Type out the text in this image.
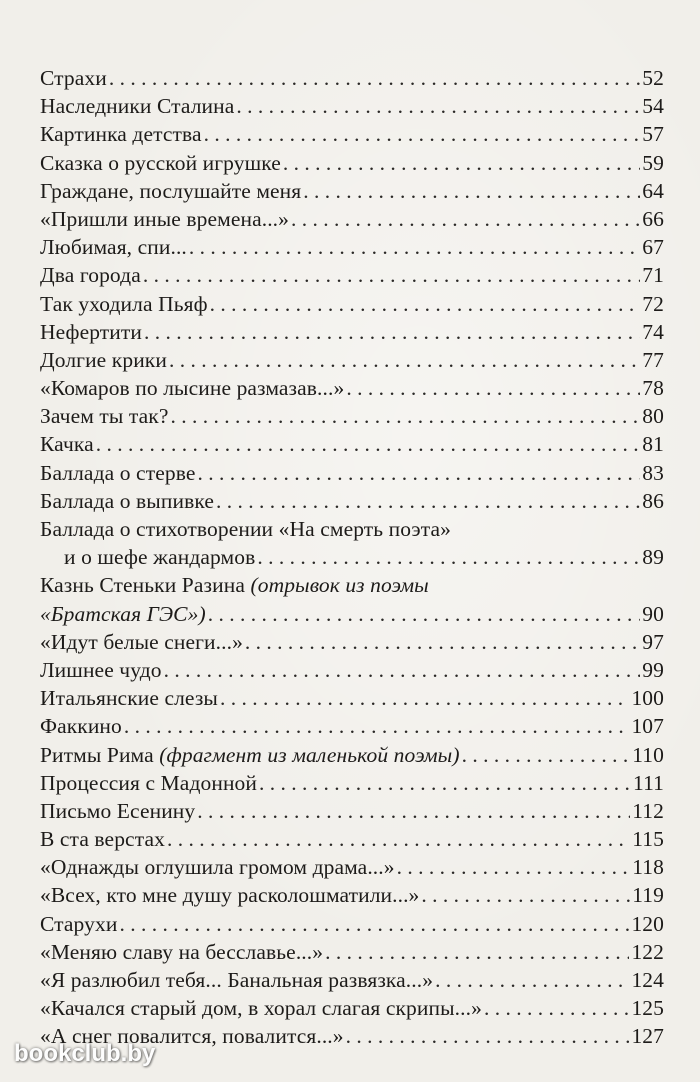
Страхи . . .	52
Наследники Сталина . . .	54
Картинка детства . . .	57
Сказка о русской игрушке . . .	59
Граждане, послушайте меня . . .	64
«Пришли иные времена...» . . .	66
Любимая, спи... . . .	67
Два города . . .	71
Так уходила Пьяф . . .	72
Нефертити . . .	74
Долгие крики . . .	77
«Комаров по лысине размазав...» . . .	78
Зачем ты так? . . .	80
Качка . . .	81
Баллада о стерве . . .	83
Баллада о выпивке . . .	86
Баллада о стихотворении «На смерть поэта»
и о шефе жандармов . . .	89
Казнь Стеньки Разина (отрывок из поэмы
«Братская ГЭС») . . .	90
«Идут белые снеги...» . . .	97
Лишнее чудо . . .	99
Итальянские слезы . . .	100
Факкино . . .	107
Ритмы Рима (фрагмент из маленькой поэмы) . . .	110
Процессия с Мадонной . . .	111
Письмо Есенину . . .	112
В ста верстах . . .	115
«Однажды оглушила громом драма...» . . .	118
«Всех, кто мне душу расколошматили...» . . .	119
Старухи . . .	120
«Меняю славу на бесславье...» . . .	122
«Я разлюбил тебя... Банальная развязка...» . . .	124
«Качался старый дом, в хорал слагая скрипы...» . . .	125
«А снег повалится, повалится...» . . .	127
bookclub.by
